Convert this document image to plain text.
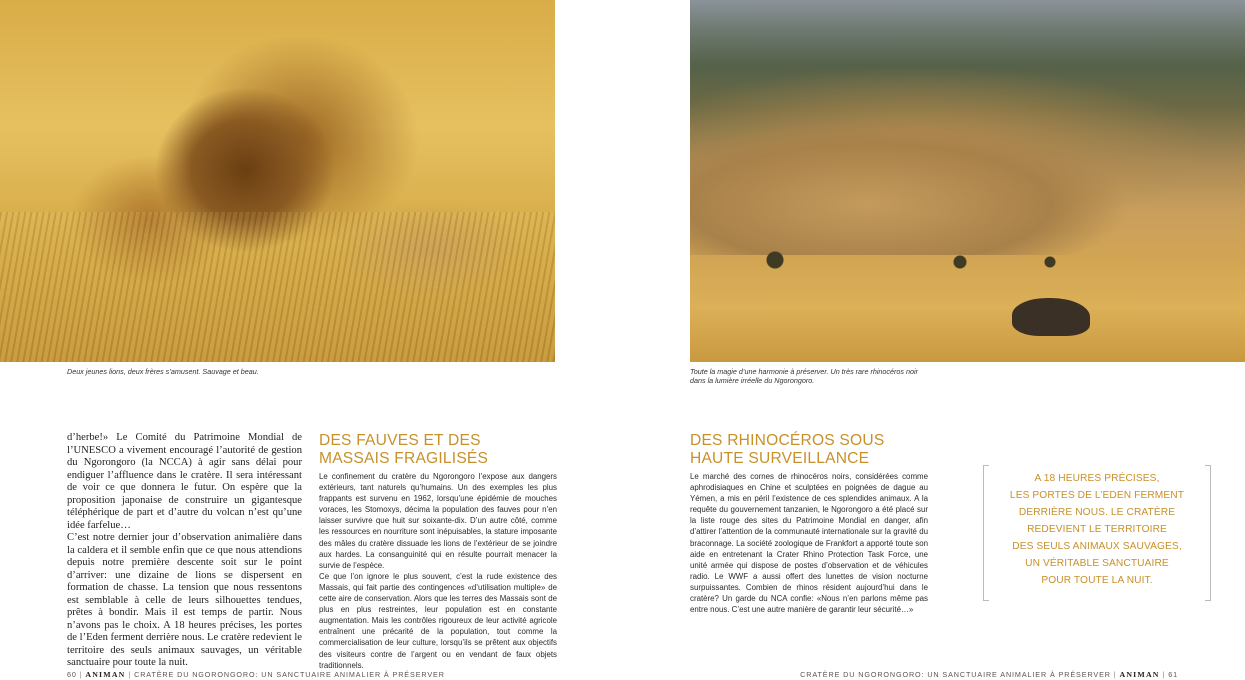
Deux jeunes lions, deux frères s’amusent. Sauvage et beau.

d’herbe!» Le Comité du Patrimoine Mondial de l’UNESCO a vivement encouragé l’autorité de gestion du Ngorongoro (la NCCA) à agir sans délai pour endiguer l’affluence dans le cratère. Il sera intéressant de voir ce que donnera le futur. On espère que la proposition japonaise de construire un gigantesque téléphérique de part et d’autre du volcan n’est qu’une idée farfelue…

C’est notre dernier jour d’observation animalière dans la caldera et il semble enfin que ce que nous attendions depuis notre première descente soit sur le point d’arriver: une dizaine de lions se dispersent en formation de chasse. La tension que nous ressentons est semblable à celle de leurs silhouettes tendues, prêtes à bondir. Mais il est temps de partir. Nous n’avons pas le choix. A 18 heures précises, les portes de l’Eden ferment derrière nous. Le cratère redevient le territoire des seuls animaux sauvages, un véritable sanctuaire pour toute la nuit.

DES FAUVES ET DES
MASSAIS FRAGILISÉS

Le confinement du cratère du Ngorongoro l’expose aux dangers extérieurs, tant naturels qu’humains. Un des exemples les plus frappants est survenu en 1962, lorsqu’une épidémie de mouches voraces, les Stomoxys, décima la population des fauves pour n’en laisser survivre que huit sur soixante-dix. D’un autre côté, comme les ressources en nourriture sont inépuisables, la stature imposante des mâles du cratère dissuade les lions de l’extérieur de se joindre aux hardes. La consanguinité qui en résulte pourrait menacer la survie de l’espèce.

Ce que l’on ignore le plus souvent, c’est la rude existence des Massais, qui fait partie des contingences «d’utilisation multiple» de cette aire de conservation. Alors que les terres des Massais sont de plus en plus restreintes, leur population est en constante augmentation. Mais les contrôles rigoureux de leur activité agricole entraînent une précarité de la population, tout comme la commercialisation de leur culture, lorsqu’ils se prêtent aux objectifs des visiteurs contre de l’argent ou en vendant de faux objets traditionnels.

60 | ANIMAN | CRATÈRE DU NGORONGORO: UN SANCTUAIRE ANIMALIER À PRÉSERVER
Toute la magie d’une harmonie à préserver. Un très rare rhinocéros noir
dans la lumière irréelle du Ngorongoro.
DES RHINOCÉROS SOUS
HAUTE SURVEILLANCE

Le marché des cornes de rhinocéros noirs, considérées comme aphrodisiaques en Chine et sculptées en poignées de dague au Yémen, a mis en péril l’existence de ces splendides animaux. A la requête du gouvernement tanzanien, le Ngorongoro a été placé sur la liste rouge des sites du Patrimoine Mondial en danger, afin d’attirer l’attention de la communauté internationale sur la gravité du braconnage. La société zoologique de Frankfort a apporté toute son aide en entretenant la Crater Rhino Protection Task Force, une unité armée qui dispose de postes d’observation et de véhicules radio. Le WWF a aussi offert des lunettes de vision nocturne surpuissantes. Combien de rhinos résident aujourd’hui dans le cratère? Un garde du NCA confie: «Nous n’en parlons même pas entre nous. C’est une autre manière de garantir leur sécurité…»

A 18 HEURES PRÉCISES,
LES PORTES DE L’EDEN FERMENT
DERRIÈRE NOUS. LE CRATÈRE
REDEVIENT LE TERRITOIRE
DES SEULS ANIMAUX SAUVAGES,
UN VÉRITABLE SANCTUAIRE
POUR TOUTE LA NUIT.
CRATÈRE DU NGORONGORO: UN SANCTUAIRE ANIMALIER À PRÉSERVER | ANIMAN | 61
